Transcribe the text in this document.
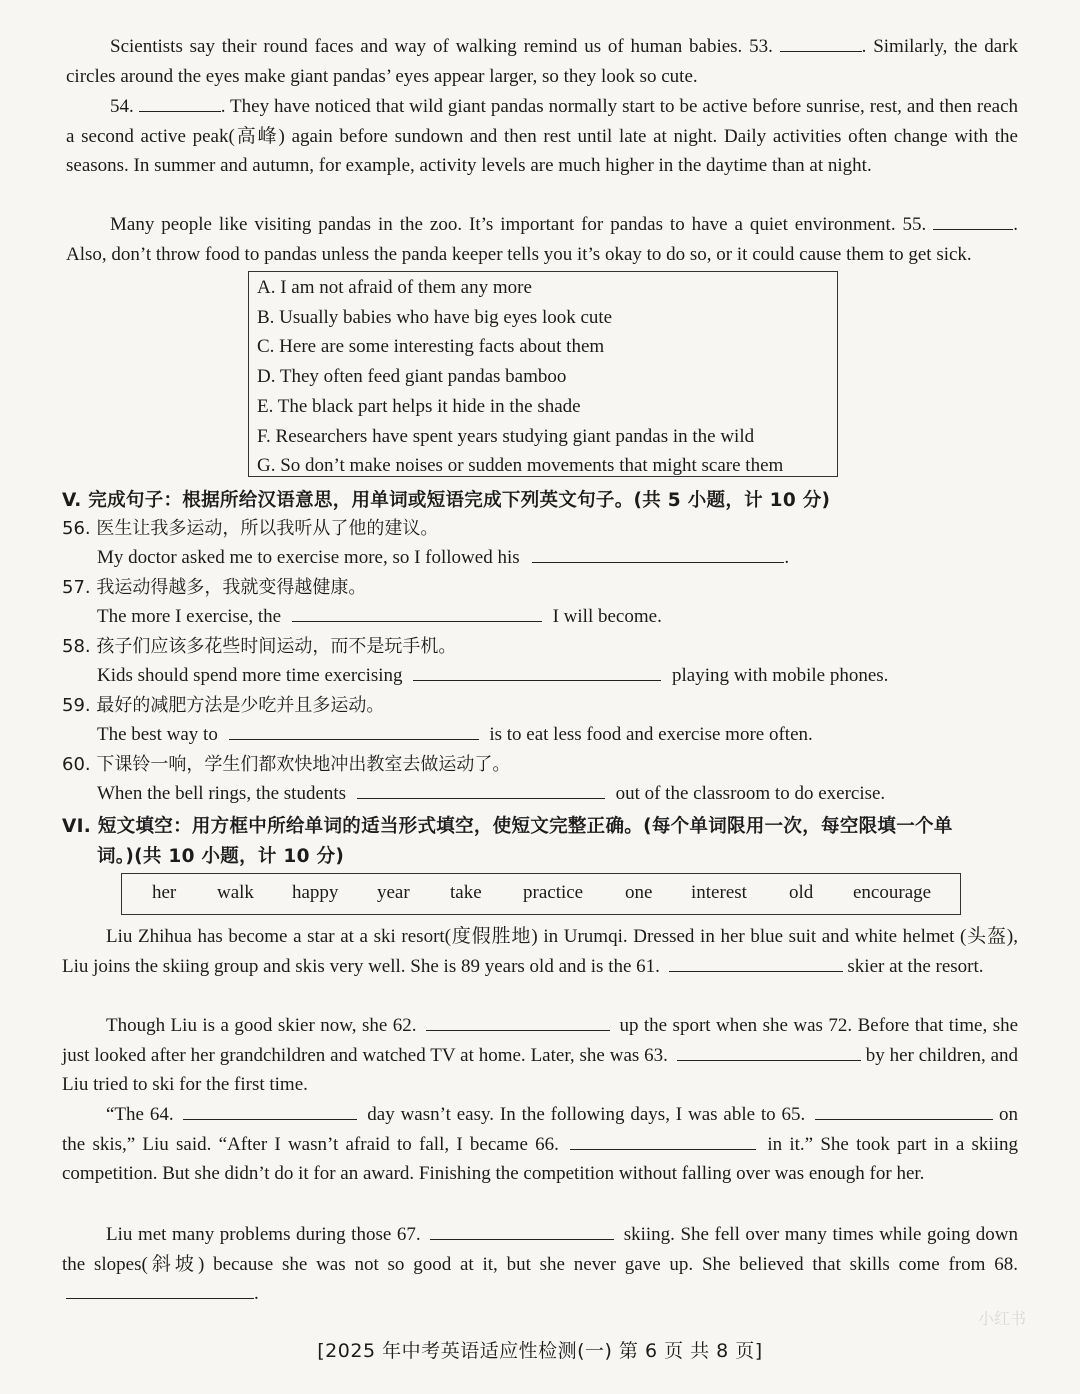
Scientists say their round faces and way of walking remind us of human babies. 53.	. Similarly, the dark circles around the eyes make giant pandas’ eyes appear larger, so they look so cute.
54.	. They have noticed that wild giant pandas normally start to be active before sunrise, rest, and then reach a second active peak(高峰) again before sundown and then rest until late at night. Daily activities often change with the seasons. In summer and autumn, for example, activity levels are much higher in the daytime than at night.
Many people like visiting pandas in the zoo. It’s important for pandas to have a quiet environment. 55.	. Also, don’t throw food to pandas unless the panda keeper tells you it’s okay to do so, or it could cause them to get sick.
A. I am not afraid of them any more
B. Usually babies who have big eyes look cute
C. Here are some interesting facts about them
D. They often feed giant pandas bamboo
E. The black part helps it hide in the shade
F. Researchers have spent years studying giant pandas in the wild
G. So don’t make noises or sudden movements that might scare them
V. 完成句子：根据所给汉语意思，用单词或短语完成下列英文句子。(共 5 小题，计 10 分)
56. 医生让我多运动，所以我听从了他的建议。
My doctor asked me to exercise more, so I followed his	.
57. 我运动得越多，我就变得越健康。
The more I exercise, the	I will become.
58. 孩子们应该多花些时间运动，而不是玩手机。
Kids should spend more time exercising	playing with mobile phones.
59. 最好的减肥方法是少吃并且多运动。
The best way to	is to eat less food and exercise more often.
60. 下课铃一响，学生们都欢快地冲出教室去做运动了。
When the bell rings, the students	out of the classroom to do exercise.
VI. 短文填空：用方框中所给单词的适当形式填空，使短文完整正确。(每个单词限用一次，每空限填一个单
词。)(共 10 小题，计 10 分)
her walk happy year take practice one interest old encourage
Liu Zhihua has become a star at a ski resort(度假胜地) in Urumqi. Dressed in her blue suit and white helmet (头盔), Liu joins the skiing group and skis very well. She is 89 years old and is the 61.	skier at the resort.
Though Liu is a good skier now, she 62.	up the sport when she was 72. Before that time, she just looked after her grandchildren and watched TV at home. Later, she was 63.	by her children, and Liu tried to ski for the first time.
“The 64.	day wasn’t easy. In the following days, I was able to 65.	on the skis,” Liu said. “After I wasn’t afraid to fall, I became 66.	in it.” She took part in a skiing competition. But she didn’t do it for an award. Finishing the competition without falling over was enough for her.
Liu met many problems during those 67.	skiing. She fell over many times while going down the slopes(斜坡) because she was not so good at it, but she never gave up. She believed that skills come from 68. .
[2025 年中考英语适应性检测(一) 第 6 页 共 8 页]
小红书
